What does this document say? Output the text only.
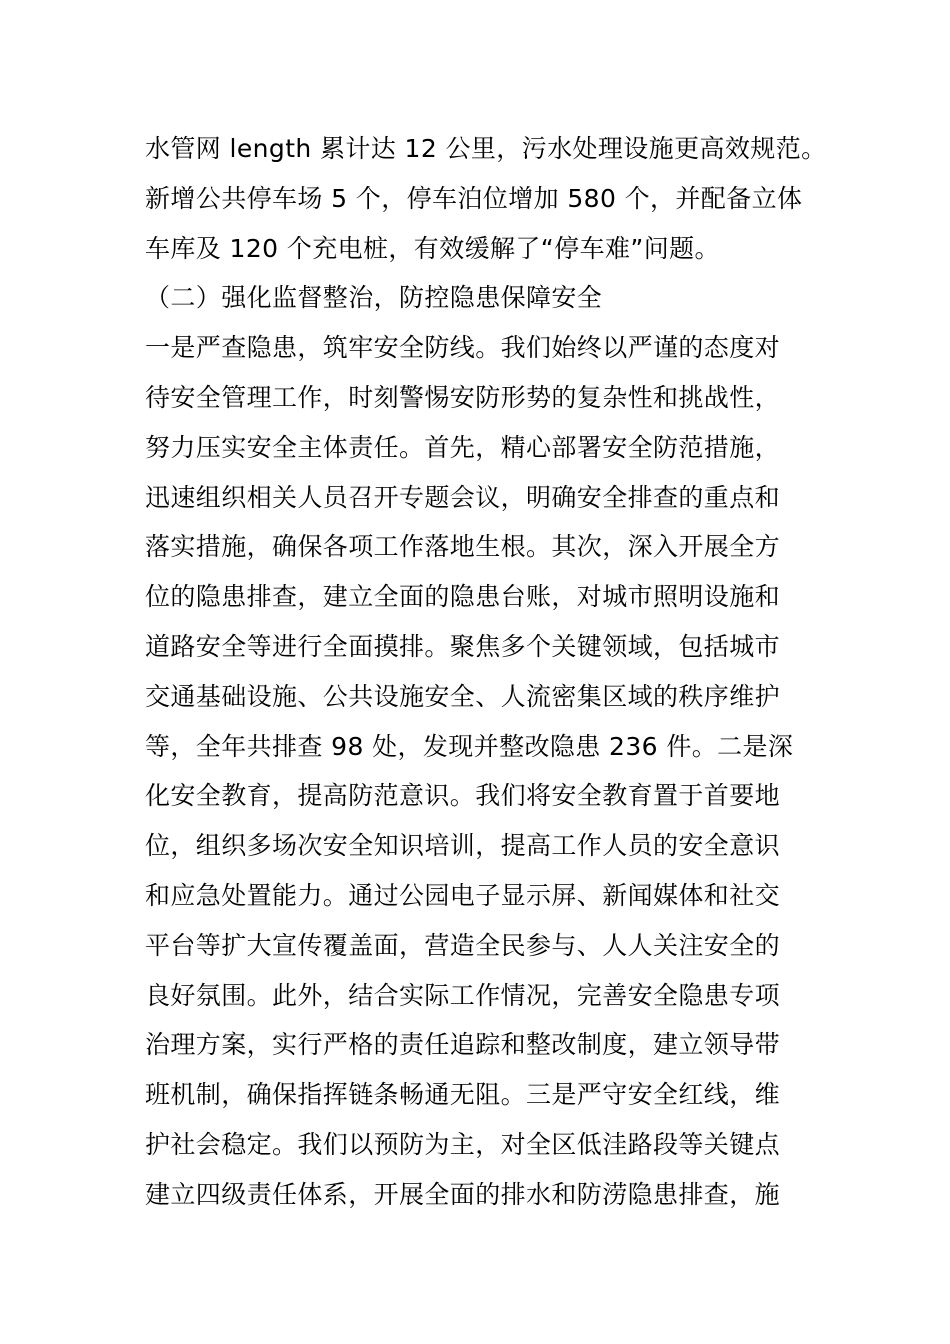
水管网 length 累计达 12 公里，污水处理设施更高效规范。
新增公共停车场 5 个，停车泊位增加 580 个，并配备立体
车库及 120 个充电桩，有效缓解了“停车难”问题。
（二）强化监督整治，防控隐患保障安全
一是严查隐患，筑牢安全防线。我们始终以严谨的态度对
待安全管理工作，时刻警惕安防形势的复杂性和挑战性，
努力压实安全主体责任。首先，精心部署安全防范措施，
迅速组织相关人员召开专题会议，明确安全排查的重点和
落实措施，确保各项工作落地生根。其次，深入开展全方
位的隐患排查，建立全面的隐患台账，对城市照明设施和
道路安全等进行全面摸排。聚焦多个关键领域，包括城市
交通基础设施、公共设施安全、人流密集区域的秩序维护
等，全年共排查 98 处，发现并整改隐患 236 件。二是深
化安全教育，提高防范意识。我们将安全教育置于首要地
位，组织多场次安全知识培训，提高工作人员的安全意识
和应急处置能力。通过公园电子显示屏、新闻媒体和社交
平台等扩大宣传覆盖面，营造全民参与、人人关注安全的
良好氛围。此外，结合实际工作情况，完善安全隐患专项
治理方案，实行严格的责任追踪和整改制度，建立领导带
班机制，确保指挥链条畅通无阻。三是严守安全红线，维
护社会稳定。我们以预防为主，对全区低洼路段等关键点
建立四级责任体系，开展全面的排水和防涝隐患排查，施
